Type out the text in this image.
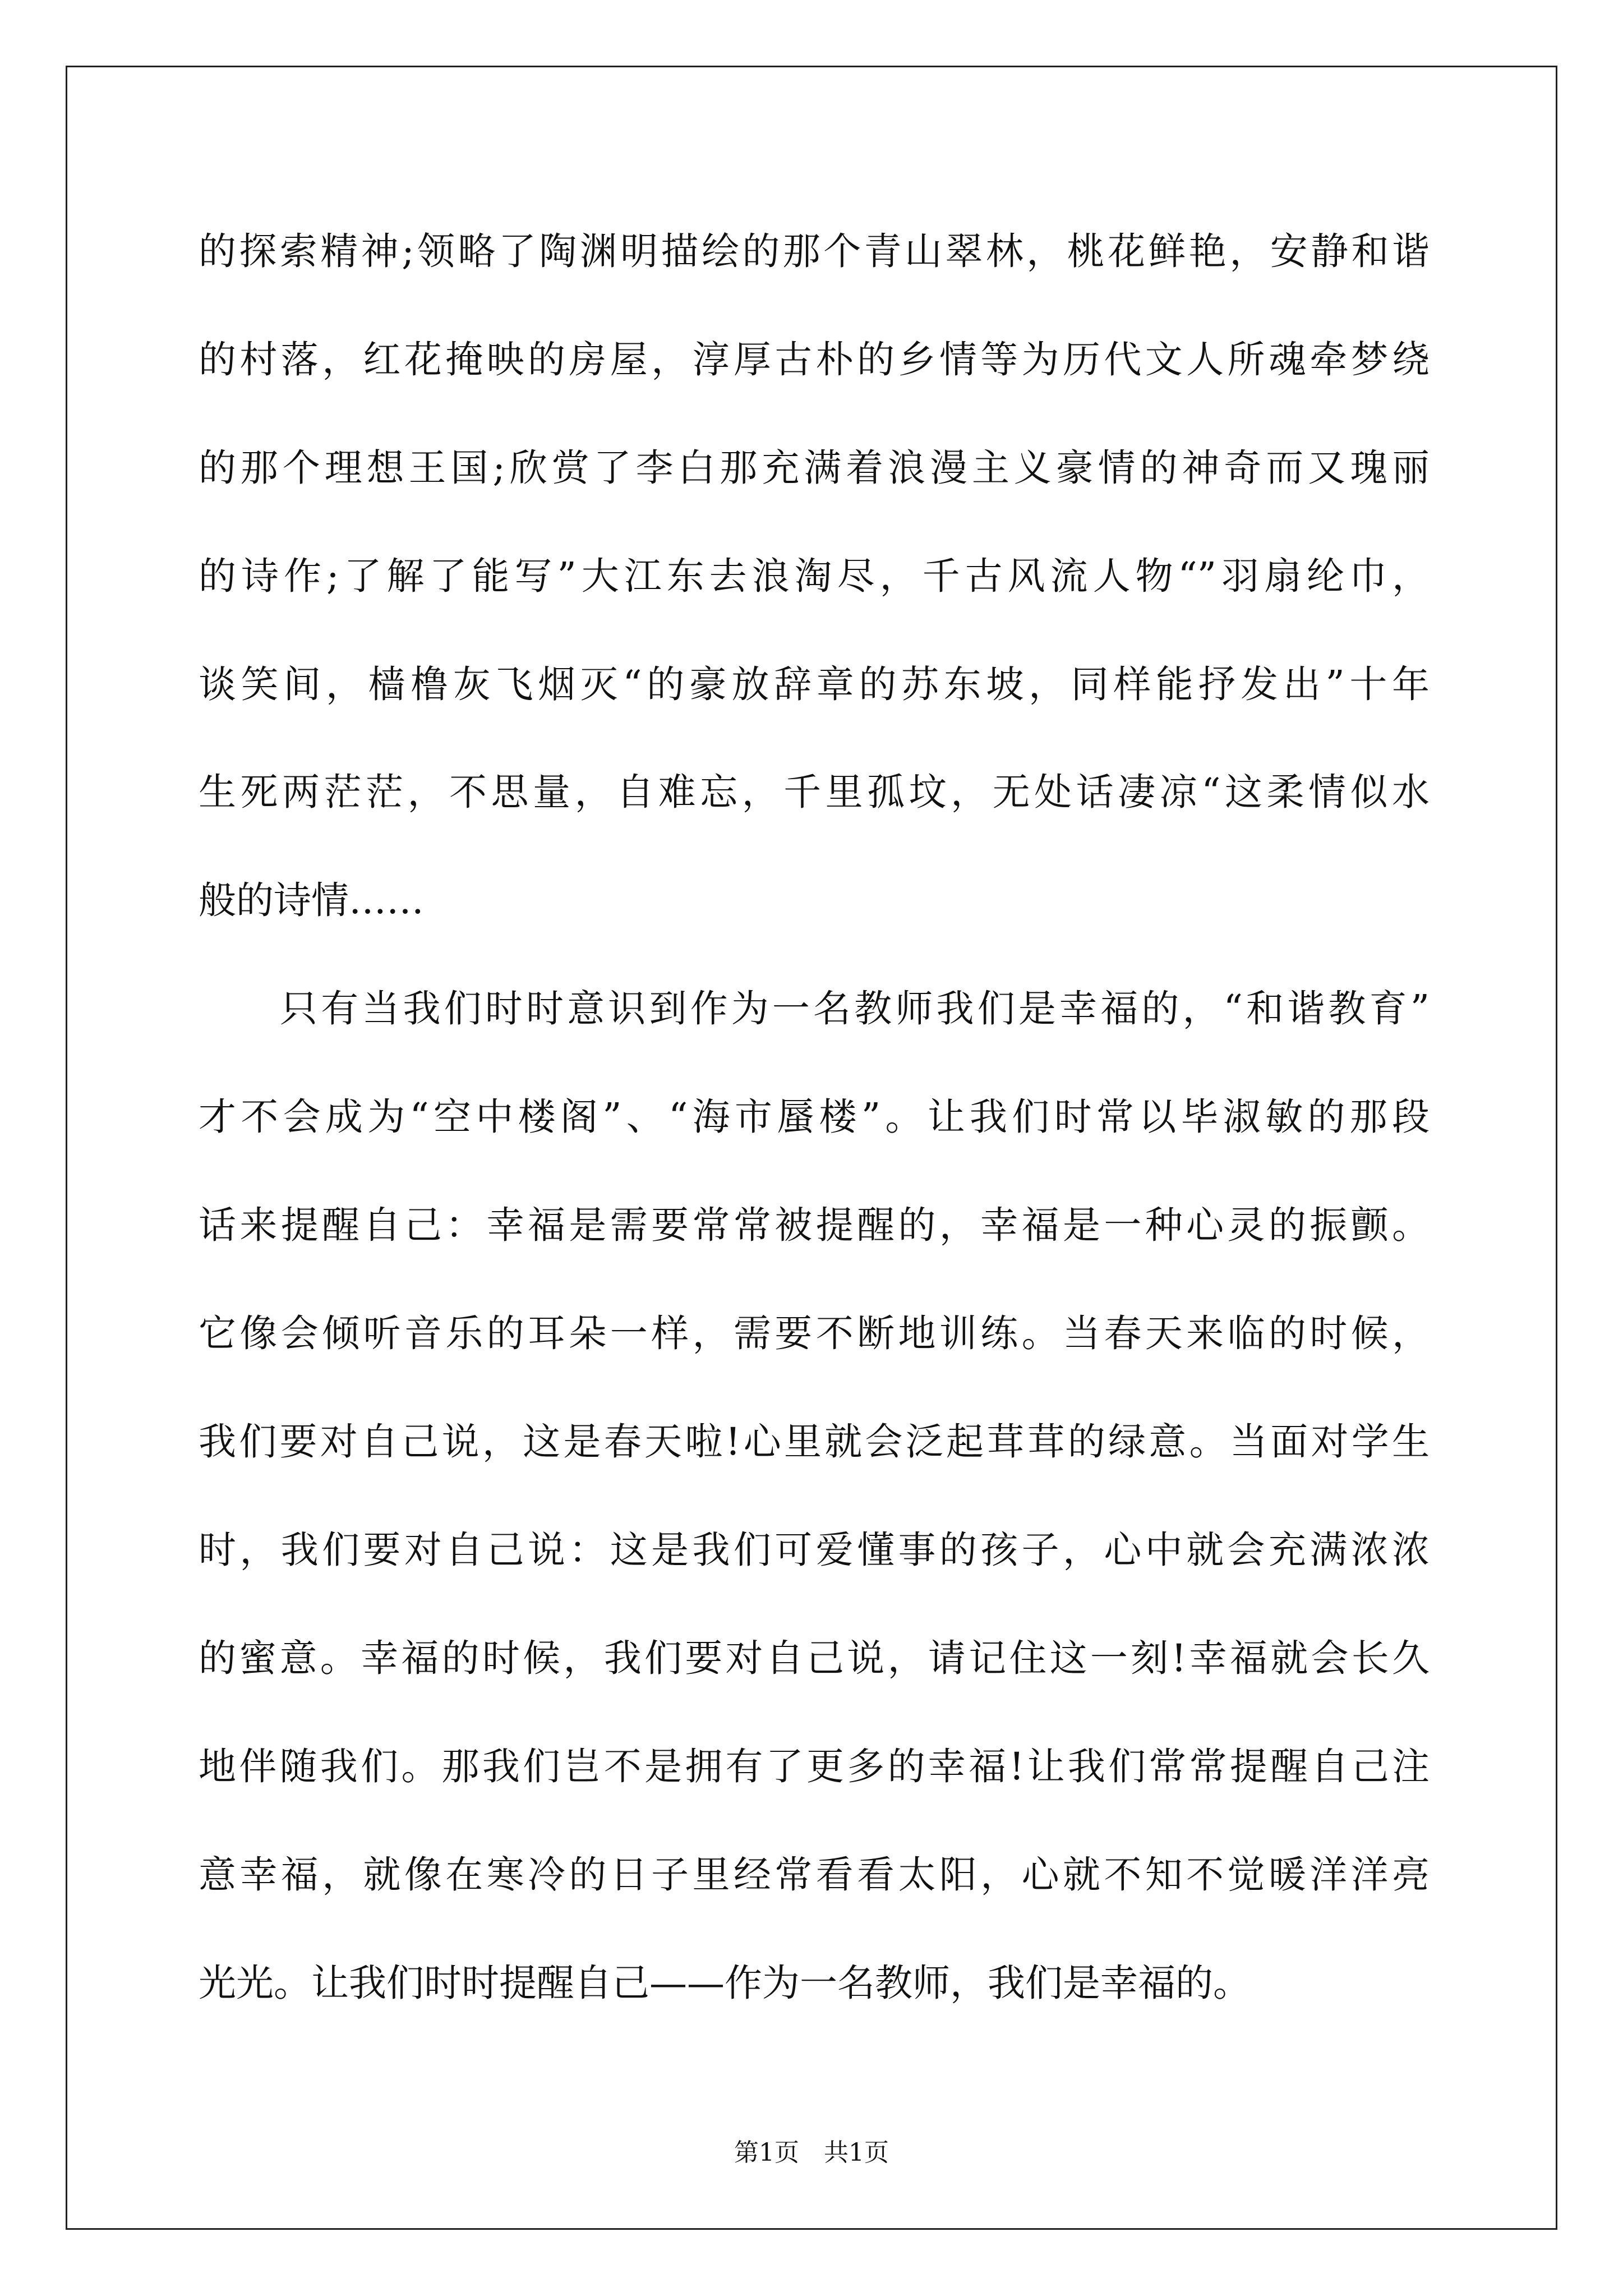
的探索精神;领略了陶渊明描绘的那个青山翠林，桃花鲜艳，安静和谐
的村落，红花掩映的房屋，淳厚古朴的乡情等为历代文人所魂牵梦绕
的那个理想王国;欣赏了李白那充满着浪漫主义豪情的神奇而又瑰丽
的诗作;了解了能写”大江东去浪淘尽，千古风流人物“”羽扇纶巾，
谈笑间，樯橹灰飞烟灭“的豪放辞章的苏东坡，同样能抒发出”十年
生死两茫茫，不思量，自难忘，千里孤坟，无处话凄凉“这柔情似水
般的诗情……
只有当我们时时意识到作为一名教师我们是幸福的，“和谐教育”
才不会成为“空中楼阁”、“海市蜃楼”。让我们时常以毕淑敏的那段
话来提醒自己：幸福是需要常常被提醒的，幸福是一种心灵的振颤。
它像会倾听音乐的耳朵一样，需要不断地训练。当春天来临的时候，
我们要对自己说，这是春天啦!心里就会泛起茸茸的绿意。当面对学生
时，我们要对自己说：这是我们可爱懂事的孩子，心中就会充满浓浓
的蜜意。幸福的时候，我们要对自己说，请记住这一刻!幸福就会长久
地伴随我们。那我们岂不是拥有了更多的幸福!让我们常常提醒自己注
意幸福，就像在寒冷的日子里经常看看太阳，心就不知不觉暖洋洋亮
光光。让我们时时提醒自己——作为一名教师，我们是幸福的。
第1页　共1页
